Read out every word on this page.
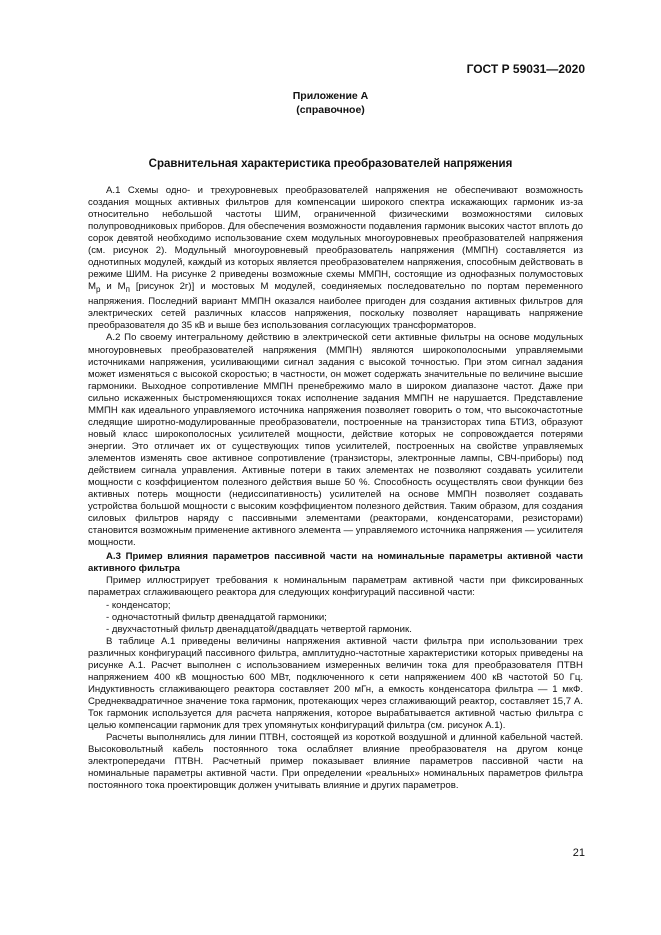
ГОСТ Р 59031—2020
Приложение А
(справочное)
Сравнительная характеристика преобразователей напряжения

А.1 Схемы одно- и трехуровневых преобразователей напряжения не обеспечивают возможность создания мощных активных фильтров для компенсации широкого спектра искажающих гармоник из-за относительно небольшой частоты ШИМ, ограниченной физическими возможностями силовых полупроводниковых приборов. Для обеспечения возможности подавления гармоник высоких частот вплоть до сорок девятой необходимо использование схем модульных многоуровневых преобразователей напряжения (см. рисунок 2). Модульный многоуровневый преобразователь напряжения (ММПН) составляется из однотипных модулей, каждый из которых является преобразователем напряжения, способным действовать в режиме ШИМ. На рисунке 2 приведены возможные схемы ММПН, состоящие из однофазных полумостовых $М_р$ и $М_п$ [рисунок 2г)] и мостовых М модулей, соединяемых последовательно по портам переменного напряжения. Последний вариант ММПН оказался наиболее пригоден для создания активных фильтров для электрических сетей различных классов напряжения, поскольку позволяет наращивать напряжение преобразователя до 35 кВ и выше без использования согласующих трансформаторов.

А.2 По своему интегральному действию в электрической сети активные фильтры на основе модульных многоуровневых преобразователей напряжения (ММПН) являются широкополосными управляемыми источниками напряжения, усиливающими сигнал задания с высокой точностью. При этом сигнал задания может изменяться с высокой скоростью; в частности, он может содержать значительные по величине высшие гармоники. Выходное сопротивление ММПН пренебрежимо мало в широком диапазоне частот. Даже при сильно искаженных быстроменяющихся токах исполнение задания ММПН не нарушается. Представление ММПН как идеального управляемого источника напряжения позволяет говорить о том, что высокочастотные следящие широтно-модулированные преобразователи, построенные на транзисторах типа БТИЗ, образуют новый класс широкополосных усилителей мощности, действие которых не сопровождается потерями энергии. Это отличает их от существующих типов усилителей, построенных на свойстве управляемых элементов изменять свое активное сопротивление (транзисторы, электронные лампы, СВЧ-приборы) под действием сигнала управления. Активные потери в таких элементах не позволяют создавать усилители мощности с коэффициентом полезного действия выше 50 %. Способность осуществлять свои функции без активных потерь мощности (недиссипативность) усилителей на основе ММПН позволяет создавать устройства большой мощности с высоким коэффициентом полезного действия. Таким образом, для создания силовых фильтров наряду с пассивными элементами (реакторами, конденсаторами, резисторами) становится возможным применение активного элемента — управляемого источника напряжения — усилителя мощности.

А.3 Пример влияния параметров пассивной части на номинальные параметры активной части активного фильтра

Пример иллюстрирует требования к номинальным параметрам активной части при фиксированных параметрах сглаживающего реактора для следующих конфигураций пассивной части:

- конденсатор;
- одночастотный фильтр двенадцатой гармоники;
- двухчастотный фильтр двенадцатой/двадцать четвертой гармоник.

В таблице А.1 приведены величины напряжения активной части фильтра при использовании трех различных конфигураций пассивного фильтра, амплитудно-частотные характеристики которых приведены на рисунке А.1. Расчет выполнен с использованием измеренных величин тока для преобразователя ПТВН напряжением 400 кВ мощностью 600 МВт, подключенного к сети напряжением 400 кВ частотой 50 Гц. Индуктивность сглаживающего реактора составляет 200 мГн, а емкость конденсатора фильтра — 1 мкФ. Среднеквадратичное значение тока гармоник, протекающих через сглаживающий реактор, составляет 15,7 А. Ток гармоник используется для расчета напряжения, которое вырабатывается активной частью фильтра с целью компенсации гармоник для трех упомянутых конфигураций фильтра (см. рисунок А.1).

Расчеты выполнялись для линии ПТВН, состоящей из короткой воздушной и длинной кабельной частей. Высоковольтный кабель постоянного тока ослабляет влияние преобразователя на другом конце электропередачи ПТВН. Расчетный пример показывает влияние параметров пассивной части на номинальные параметры активной части. При определении «реальных» номинальных параметров фильтра постоянного тока проектировщик должен учитывать влияние и других параметров.

21
